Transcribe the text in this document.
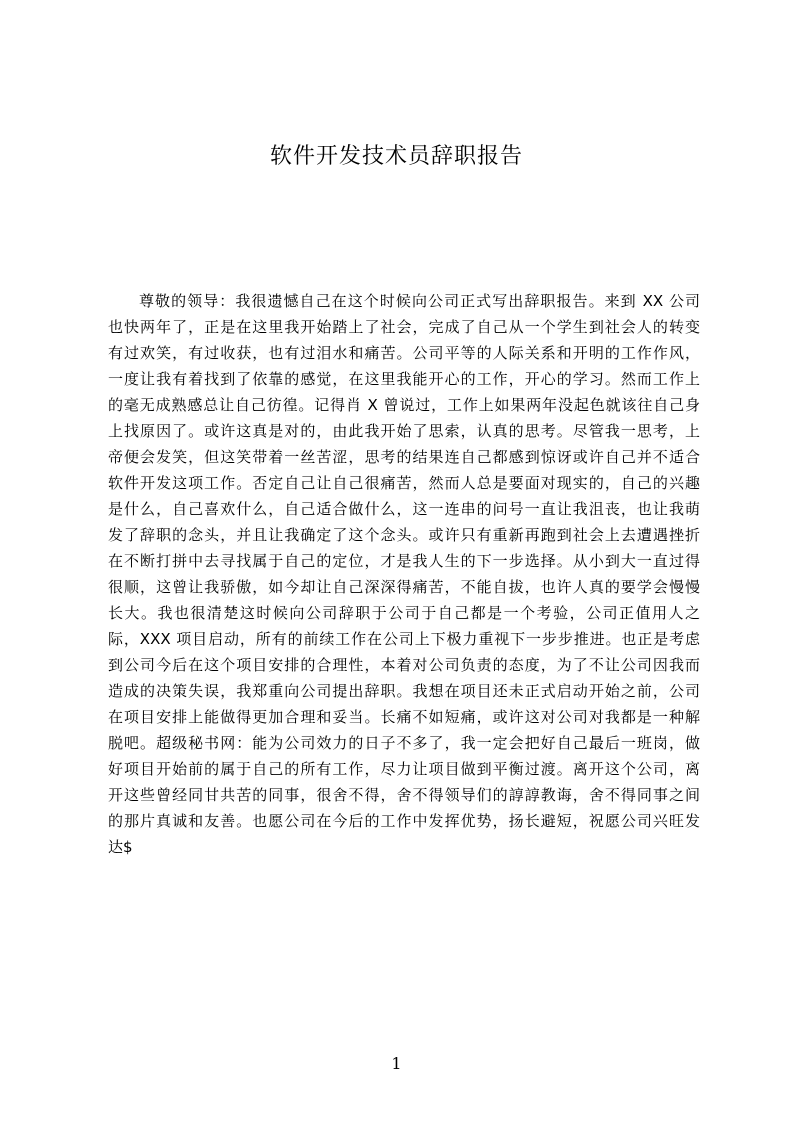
软件开发技术员辞职报告
尊敬的领导：我很遗憾自己在这个时候向公司正式写出辞职报告。来到 XX 公司
也快两年了，正是在这里我开始踏上了社会，完成了自己从一个学生到社会人的转变
有过欢笑，有过收获，也有过泪水和痛苦。公司平等的人际关系和开明的工作作风，
一度让我有着找到了依靠的感觉，在这里我能开心的工作，开心的学习。然而工作上
的毫无成熟感总让自己彷徨。记得肖 X 曾说过，工作上如果两年没起色就该往自己身
上找原因了。或许这真是对的，由此我开始了思索，认真的思考。尽管我一思考，上
帝便会发笑，但这笑带着一丝苦涩，思考的结果连自己都感到惊讶或许自己并不适合
软件开发这项工作。否定自己让自己很痛苦，然而人总是要面对现实的，自己的兴趣
是什么，自己喜欢什么，自己适合做什么，这一连串的问号一直让我沮丧，也让我萌
发了辞职的念头，并且让我确定了这个念头。或许只有重新再跑到社会上去遭遇挫折
在不断打拼中去寻找属于自己的定位，才是我人生的下一步选择。从小到大一直过得
很顺，这曾让我骄傲，如今却让自己深深得痛苦，不能自拔，也许人真的要学会慢慢
长大。我也很清楚这时候向公司辞职于公司于自己都是一个考验，公司正值用人之
际，XXX 项目启动，所有的前续工作在公司上下极力重视下一步步推进。也正是考虑
到公司今后在这个项目安排的合理性，本着对公司负责的态度，为了不让公司因我而
造成的决策失误，我郑重向公司提出辞职。我想在项目还未正式启动开始之前，公司
在项目安排上能做得更加合理和妥当。长痛不如短痛，或许这对公司对我都是一种解
脱吧。超级秘书网：能为公司效力的日子不多了，我一定会把好自己最后一班岗，做
好项目开始前的属于自己的所有工作，尽力让项目做到平衡过渡。离开这个公司，离
开这些曾经同甘共苦的同事，很舍不得，舍不得领导们的諄諄教诲，舍不得同事之间
的那片真诚和友善。也愿公司在今后的工作中发挥优势，扬长避短，祝愿公司兴旺发
达$
1
